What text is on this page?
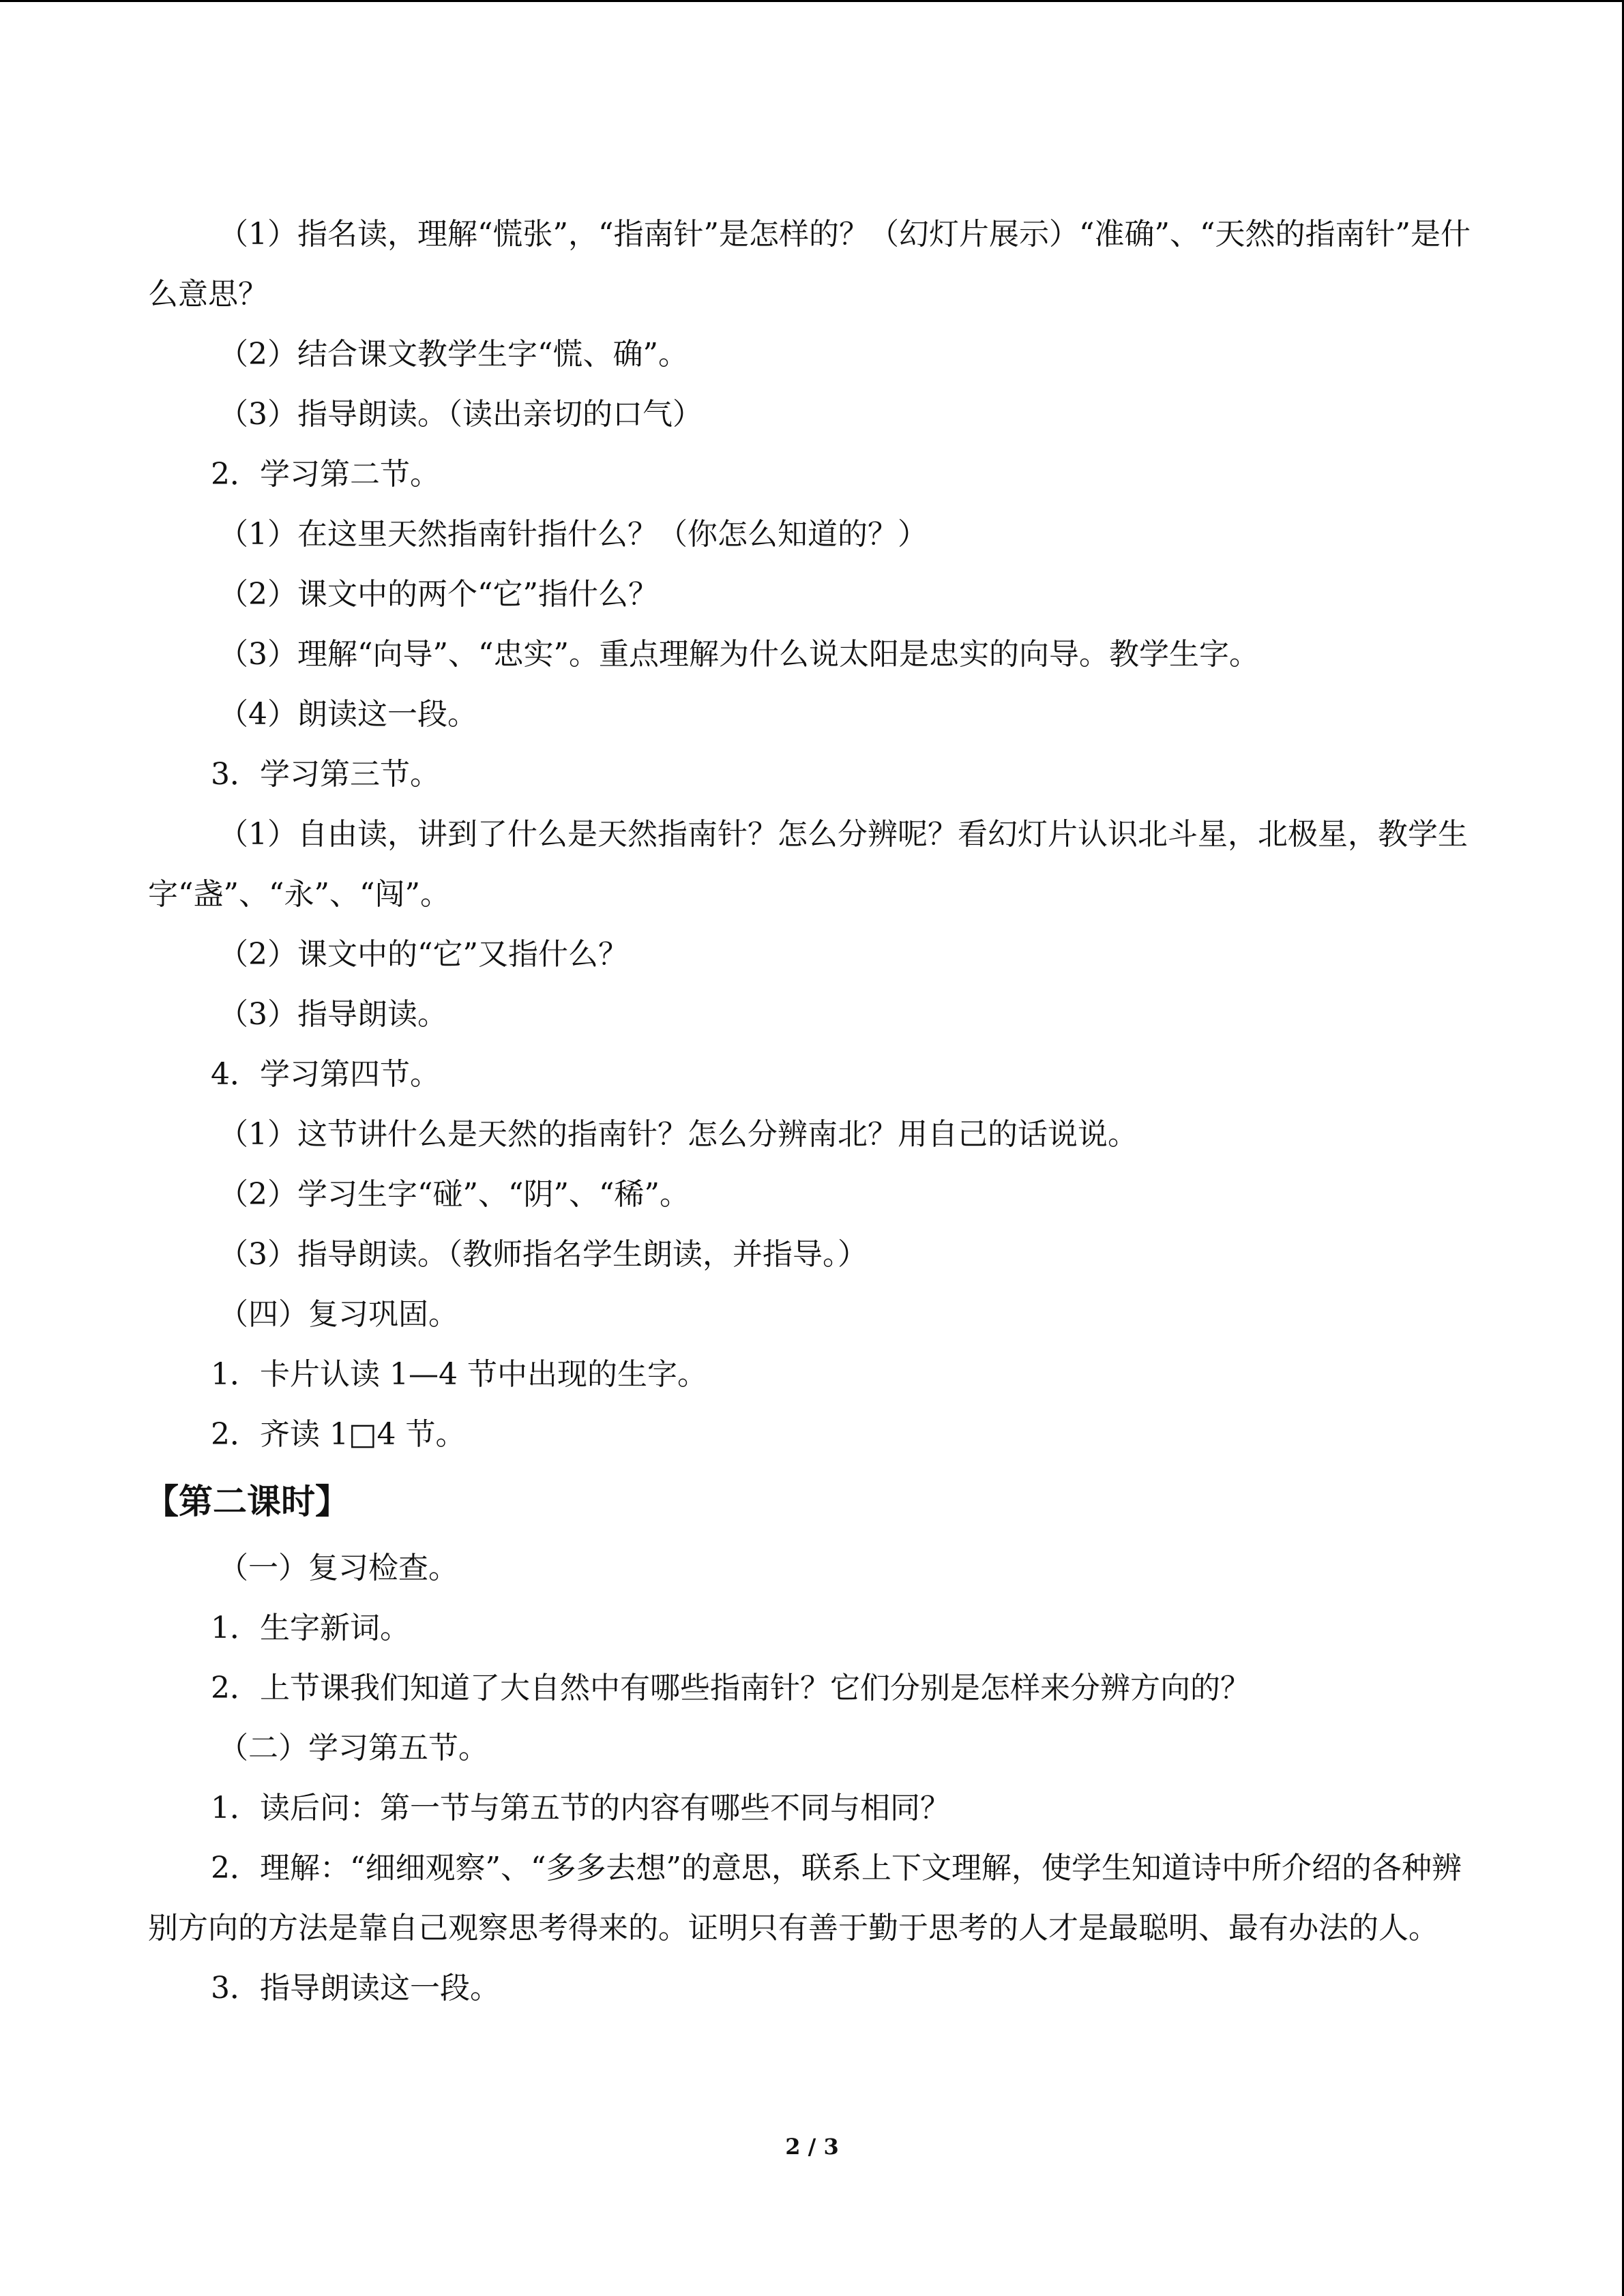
（1）指名读，理解“慌张”，“指南针”是怎样的？（幻灯片展示）“准确”、“天然的指南针”是什么意思？

（2）结合课文教学生字“慌、确”。

（3）指导朗读。（读出亲切的口气）

2．学习第二节。

（1）在这里天然指南针指什么？（你怎么知道的？）

（2）课文中的两个“它”指什么？

（3）理解“向导”、“忠实”。重点理解为什么说太阳是忠实的向导。教学生字。

（4）朗读这一段。

3．学习第三节。

（1）自由读，讲到了什么是天然指南针？怎么分辨呢？看幻灯片认识北斗星，北极星，教学生字“盏”、“永”、“闯”。

（2）课文中的“它”又指什么？

（3）指导朗读。

4．学习第四节。

（1）这节讲什么是天然的指南针？怎么分辨南北？用自己的话说说。

（2）学习生字“碰”、“阴”、“稀”。

（3）指导朗读。（教师指名学生朗读，并指导。）

（四）复习巩固。

1．卡片认读 1—4 节中出现的生字。

2．齐读 1□4 节。

【第二课时】

（一）复习检查。

1．生字新词。

2．上节课我们知道了大自然中有哪些指南针？它们分别是怎样来分辨方向的？

（二）学习第五节。

1．读后问：第一节与第五节的内容有哪些不同与相同？

2．理解：“细细观察”、“多多去想”的意思，联系上下文理解，使学生知道诗中所介绍的各种辨别方向的方法是靠自己观察思考得来的。证明只有善于勤于思考的人才是最聪明、最有办法的人。

3．指导朗读这一段。

2 / 3
